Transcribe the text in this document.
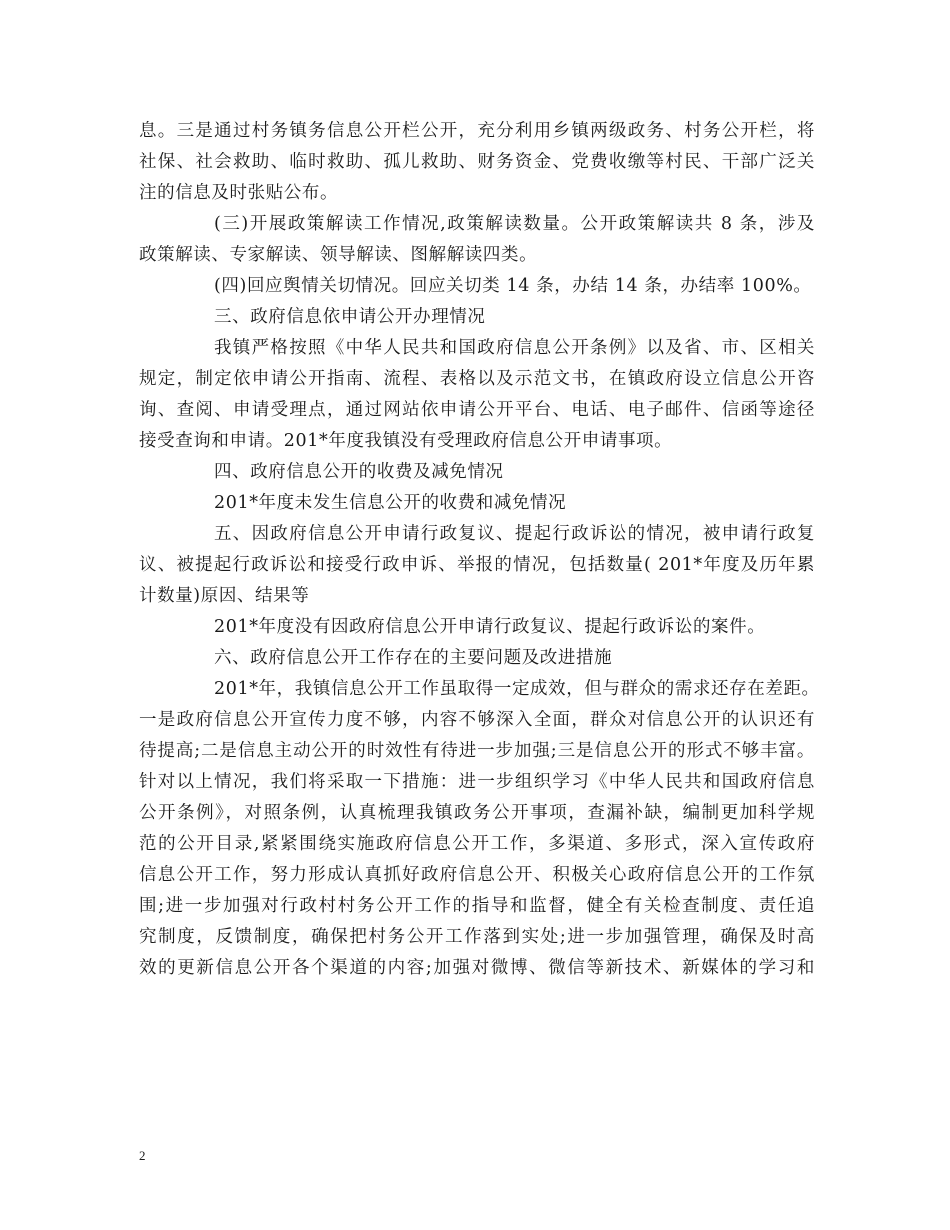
息。三是通过村务镇务信息公开栏公开，充分利用乡镇两级政务、村务公开栏，将
社保、社会救助、临时救助、孤儿救助、财务资金、党费收缴等村民、干部广泛关
注的信息及时张贴公布。
(三)开展政策解读工作情况,政策解读数量。公开政策解读共 8 条，涉及
政策解读、专家解读、领导解读、图解解读四类。
(四)回应舆情关切情况。回应关切类 14 条，办结 14 条，办结率 100%。
三、政府信息依申请公开办理情况
我镇严格按照《中华人民共和国政府信息公开条例》以及省、市、区相关
规定，制定依申请公开指南、流程、表格以及示范文书，在镇政府设立信息公开咨
询、查阅、申请受理点，通过网站依申请公开平台、电话、电子邮件、信函等途径
接受查询和申请。201*年度我镇没有受理政府信息公开申请事项。
四、政府信息公开的收费及减免情况
201*年度未发生信息公开的收费和减免情况
五、因政府信息公开申请行政复议、提起行政诉讼的情况，被申请行政复
议、被提起行政诉讼和接受行政申诉、举报的情况，包括数量( 201*年度及历年累
计数量)原因、结果等
201*年度没有因政府信息公开申请行政复议、提起行政诉讼的案件。
六、政府信息公开工作存在的主要问题及改进措施
201*年，我镇信息公开工作虽取得一定成效，但与群众的需求还存在差距。
一是政府信息公开宣传力度不够，内容不够深入全面，群众对信息公开的认识还有
待提高;二是信息主动公开的时效性有待进一步加强;三是信息公开的形式不够丰富。
针对以上情况，我们将采取一下措施：进一步组织学习《中华人民共和国政府信息
公开条例》，对照条例，认真梳理我镇政务公开事项，查漏补缺，编制更加科学规
范的公开目录,紧紧围绕实施政府信息公开工作，多渠道、多形式，深入宣传政府
信息公开工作，努力形成认真抓好政府信息公开、积极关心政府信息公开的工作氛
围;进一步加强对行政村村务公开工作的指导和监督，健全有关检查制度、责任追
究制度，反馈制度，确保把村务公开工作落到实处;进一步加强管理，确保及时高
效的更新信息公开各个渠道的内容;加强对微博、微信等新技术、新媒体的学习和
2
